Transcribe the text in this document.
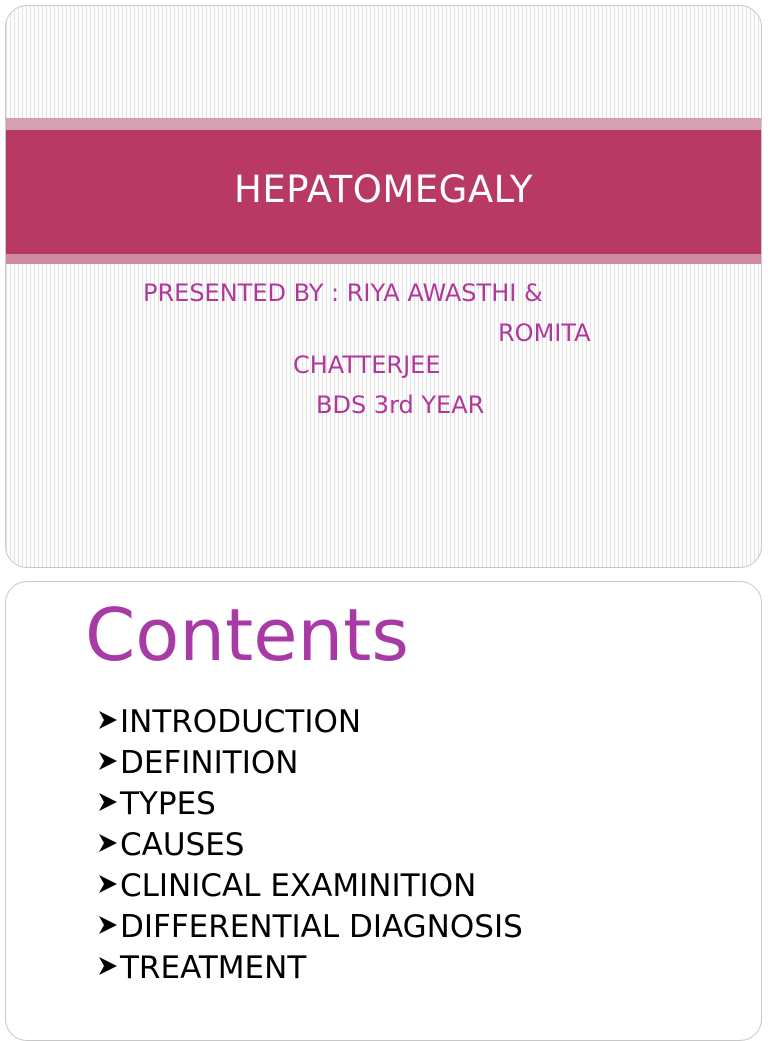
HEPATOMEGALY
PRESENTED BY : RIYA AWASTHI &
ROMITA
CHATTERJEE
BDS 3rd YEAR
Contents
INTRODUCTION
DEFINITION
TYPES
CAUSES
CLINICAL EXAMINITION
DIFFERENTIAL DIAGNOSIS
TREATMENT
